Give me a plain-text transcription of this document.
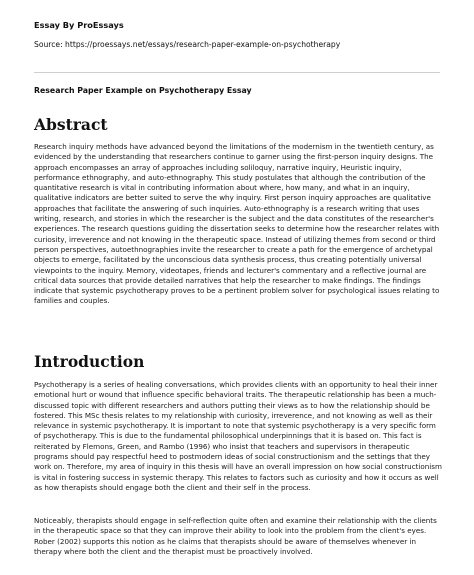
Essay By ProEssays
Source: https://proessays.net/essays/research-paper-example-on-psychotherapy
Research Paper Example on Psychotherapy Essay
Abstract

Research inquiry methods have advanced beyond the limitations of the modernism in the twentieth century, as evidenced by the understanding that researchers continue to garner using the first-person inquiry designs. The approach encompasses an array of approaches including soliloquy, narrative inquiry, Heuristic inquiry, performance ethnography, and auto-ethnography. This study postulates that although the contribution of the quantitative research is vital in contributing information about where, how many, and what in an inquiry, qualitative indicators are better suited to serve the why inquiry. First person inquiry approaches are qualitative approaches that facilitate the answering of such inquiries. Auto-ethnography is a research writing that uses writing, research, and stories in which the researcher is the subject and the data constitutes of the researcher's experiences. The research questions guiding the dissertation seeks to determine how the researcher relates with curiosity, irreverence and not knowing in the therapeutic space. Instead of utilizing themes from second or third person perspectives, autoethnographies invite the researcher to create a path for the emergence of archetypal objects to emerge, facilitated by the unconscious data synthesis process, thus creating potentially universal viewpoints to the inquiry. Memory, videotapes, friends and lecturer's commentary and a reflective journal are critical data sources that provide detailed narratives that help the researcher to make findings. The findings indicate that systemic psychotherapy proves to be a pertinent problem solver for psychological issues relating to families and couples.

Introduction

Psychotherapy is a series of healing conversations, which provides clients with an opportunity to heal their inner emotional hurt or wound that influence specific behavioral traits. The therapeutic relationship has been a much-discussed topic with different researchers and authors putting their views as to how the relationship should be fostered. This MSc thesis relates to my relationship with curiosity, irreverence, and not knowing as well as their relevance in systemic psychotherapy. It is important to note that systemic psychotherapy is a very specific form of psychotherapy. This is due to the fundamental philosophical underpinnings that it is based on. This fact is reiterated by Flemons, Green, and Rambo (1996) who insist that teachers and supervisors in therapeutic programs should pay respectful heed to postmodern ideas of social constructionism and the settings that they work on. Therefore, my area of inquiry in this thesis will have an overall impression on how social constructionism is vital in fostering success in systemic therapy. This relates to factors such as curiosity and how it occurs as well as how therapists should engage both the client and their self in the process.

Noticeably, therapists should engage in self-reflection quite often and examine their relationship with the clients in the therapeutic space so that they can improve their ability to look into the problem from the client's eyes. Rober (2002) supports this notion as he claims that therapists should be aware of themselves whenever in therapy where both the client and the therapist must be proactively involved.
